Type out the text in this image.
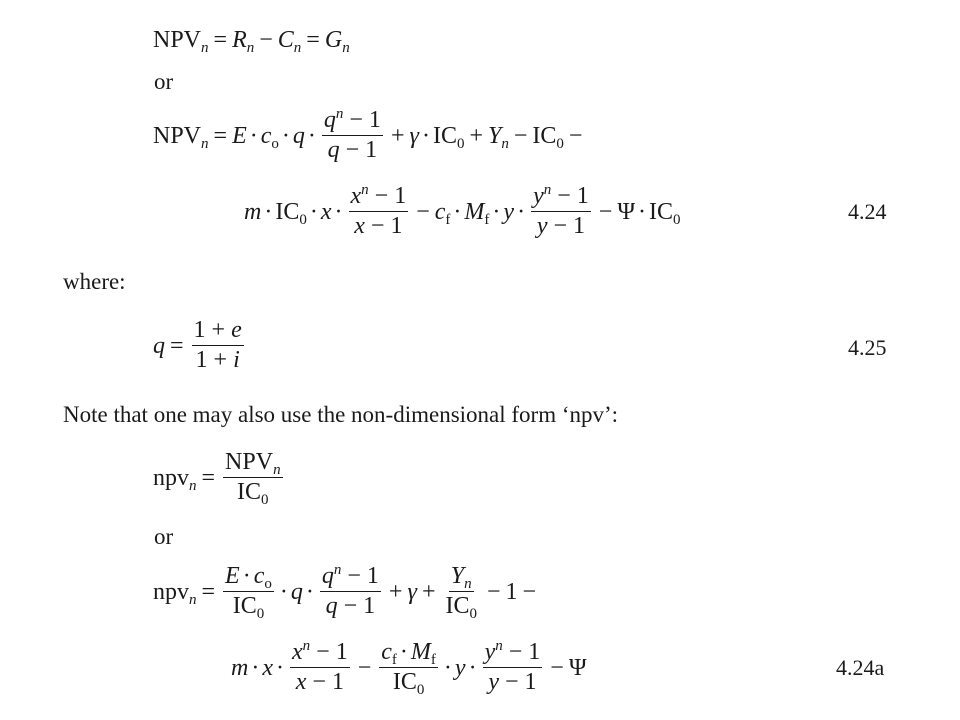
$NPV_n = R_n - C_n = G_n$
or
$NPV_n = E \cdot c_o \cdot q \cdot \frac{q^n - 1}{q - 1} + \gamma \cdot IC_0 + Y_n - IC_0$ −
$m \cdot IC_0 \cdot x \cdot \frac{x^n - 1}{x - 1} - c_f \cdot M_f \cdot y \cdot \frac{y^n - 1}{y - 1} - \Psi \cdot IC_0$	4.24
where:
$q = \frac{1 + e}{1 + i}$	4.25
Note that one may also use the non-dimensional form ‘npv’:
$npv_n = \frac{NPV_n}{IC_0}$
or
$npv_n = \frac{E \cdot c_o}{IC_0} \cdot q \cdot \frac{q^n - 1}{q - 1} + \gamma + \frac{Y_n}{IC_0} - 1$ −
$m \cdot x \cdot \frac{x^n - 1}{x - 1} - \frac{c_f \cdot M_f}{IC_0} \cdot y \cdot \frac{y^n - 1}{y - 1} - \Psi$	4.24a
